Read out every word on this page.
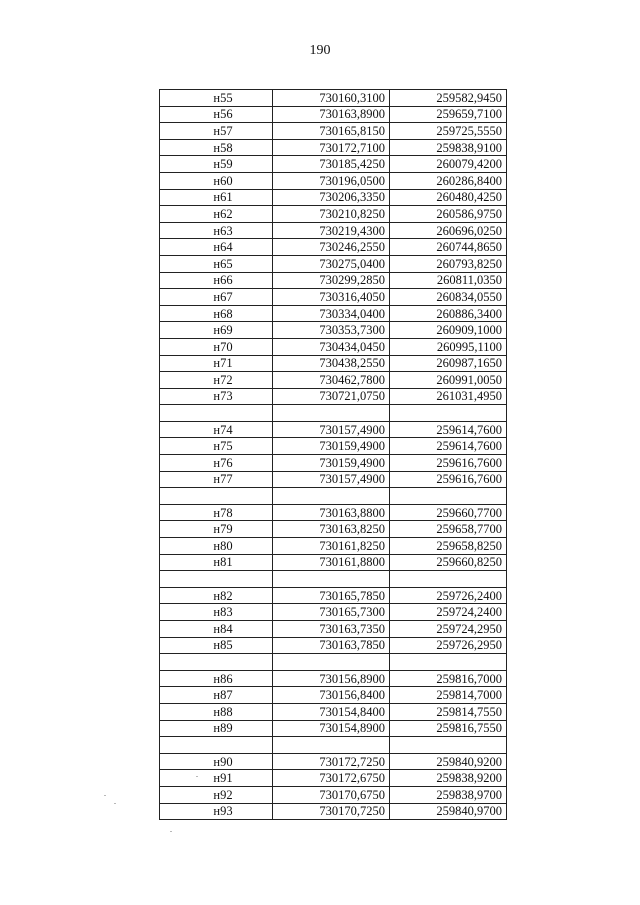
190
н55	730160,3100	259582,9450
н56	730163,8900	259659,7100
н57	730165,8150	259725,5550
н58	730172,7100	259838,9100
н59	730185,4250	260079,4200
н60	730196,0500	260286,8400
н61	730206,3350	260480,4250
н62	730210,8250	260586,9750
н63	730219,4300	260696,0250
н64	730246,2550	260744,8650
н65	730275,0400	260793,8250
н66	730299,2850	260811,0350
н67	730316,4050	260834,0550
н68	730334,0400	260886,3400
н69	730353,7300	260909,1000
н70	730434,0450	260995,1100
н71	730438,2550	260987,1650
н72	730462,7800	260991,0050
н73	730721,0750	261031,4950

н74	730157,4900	259614,7600
н75	730159,4900	259614,7600
н76	730159,4900	259616,7600
н77	730157,4900	259616,7600

н78	730163,8800	259660,7700
н79	730163,8250	259658,7700
н80	730161,8250	259658,8250
н81	730161,8800	259660,8250

н82	730165,7850	259726,2400
н83	730165,7300	259724,2400
н84	730163,7350	259724,2950
н85	730163,7850	259726,2950

н86	730156,8900	259816,7000
н87	730156,8400	259814,7000
н88	730154,8400	259814,7550
н89	730154,8900	259816,7550

н90	730172,7250	259840,9200
н91	730172,6750	259838,9200
н92	730170,6750	259838,9700
н93	730170,7250	259840,9700
